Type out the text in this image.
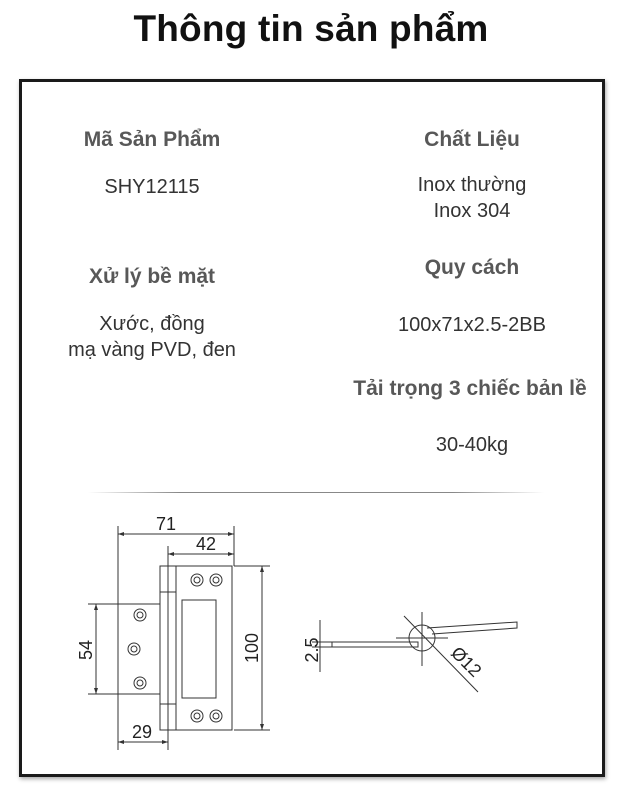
Thông tin sản phẩm
Mã Sản Phẩm
SHY12115
Xử lý bề mặt
Xước, đồng
mạ vàng PVD, đen
Chất Liệu
Inox thường
Inox 304
Quy cách
100x71x2.5-2BB
Tải trọng 3 chiếc bản lề
30-40kg
71
42
100
54
29
2.5	Ø12
